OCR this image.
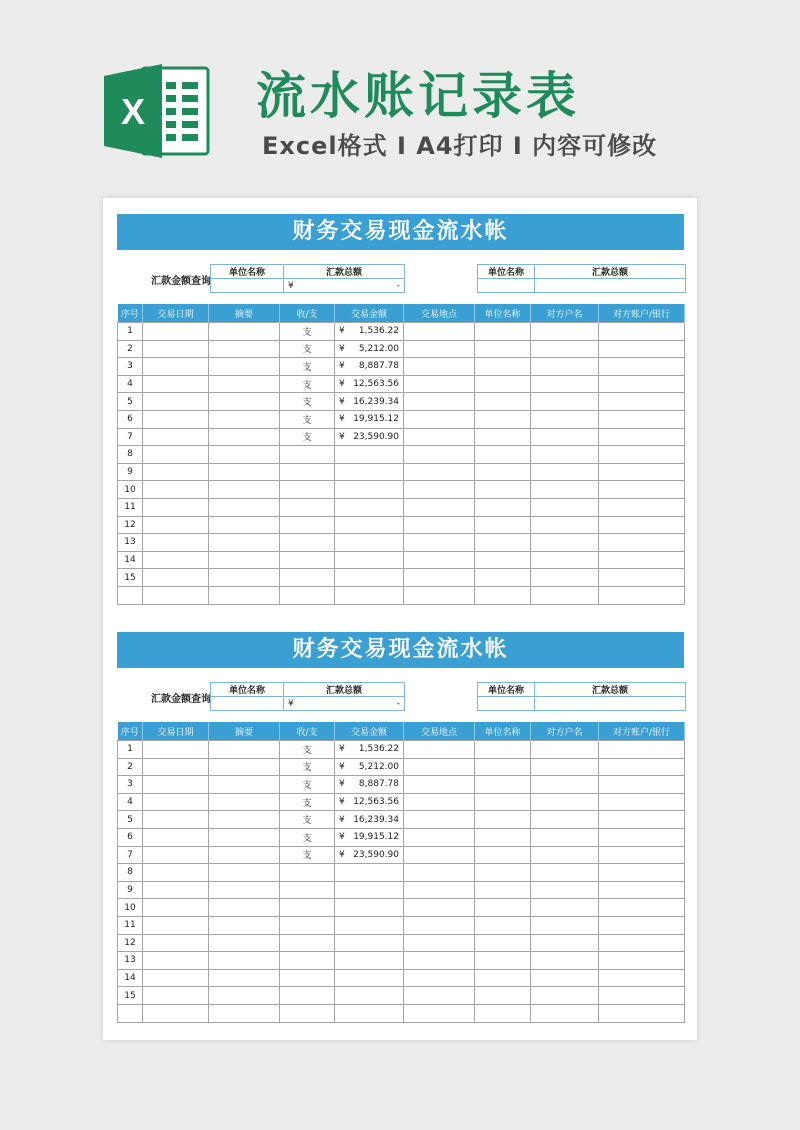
X 流水账记录表
Excel格式 I A4打印 I 内容可修改
财务交易现金流水帐
汇款金额查询
单位名称	汇款总额

	¥ -
单位名称	汇款总额

序号	交易日期	摘要	收/支	交易金额	交易地点	单位名称	对方户名	对方账户/银行
1			支	¥ 1,536.22				

2			支	¥ 5,212.00				

3			支	¥ 8,887.78				

4			支	¥ 12,563.56				

5			支	¥ 16,239.34				

6			支	¥ 19,915.12				

7			支	¥ 23,590.90				

8				

9				

10				

11				

12				

13				

14				

15				

财务交易现金流水帐
汇款金额查询
单位名称	汇款总额

	¥ -
单位名称	汇款总额

序号	交易日期	摘要	收/支	交易金额	交易地点	单位名称	对方户名	对方账户/银行
1			支	¥ 1,536.22				

2			支	¥ 5,212.00				

3			支	¥ 8,887.78				

4			支	¥ 12,563.56				

5			支	¥ 16,239.34				

6			支	¥ 19,915.12				

7			支	¥ 23,590.90				

8				

9				

10				

11				

12				

13				

14				

15				
